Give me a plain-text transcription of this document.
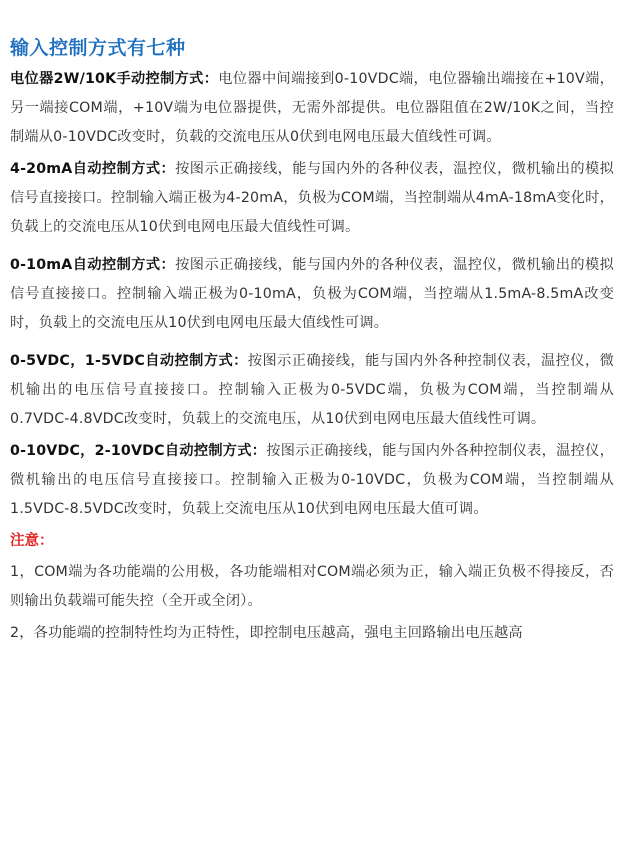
输入控制方式有七种

电位器2W/10K手动控制方式：电位器中间端接到0-10VDC端，电位器输出端接在+10V端，另一端接COM端，+10V端为电位器提供，无需外部提供。电位器阻值在2W/10K之间，当控制端从0-10VDC改变时，负载的交流电压从0伏到电网电压最大值线性可调。

4-20mA自动控制方式：按图示正确接线，能与国内外的各种仪表，温控仪，微机输出的模拟信号直接接口。控制输入端正极为4-20mA，负极为COM端，当控制端从4mA-18mA变化时，负载上的交流电压从10伏到电网电压最大值线性可调。

0-10mA自动控制方式：按图示正确接线，能与国内外的各种仪表，温控仪，微机输出的模拟信号直接接口。控制输入端正极为0-10mA，负极为COM端，当控端从1.5mA-8.5mA改变时，负载上的交流电压从10伏到电网电压最大值线性可调。

0-5VDC，1-5VDC自动控制方式：按图示正确接线，能与国内外各种控制仪表，温控仪，微机输出的电压信号直接接口。控制输入正极为0-5VDC端，负极为COM端，当控制端从0.7VDC-4.8VDC改变时，负载上的交流电压，从10伏到电网电压最大值线性可调。

0-10VDC，2-10VDC自动控制方式：按图示正确接线，能与国内外各种控制仪表，温控仪，微机输出的电压信号直接接口。控制输入正极为0-10VDC，负极为COM端，当控制端从1.5VDC-8.5VDC改变时，负载上交流电压从10伏到电网电压最大值可调。

注意：

1，COM端为各功能端的公用极，各功能端相对COM端必须为正，输入端正负极不得接反，否则输出负载端可能失控（全开或全闭）。

2，各功能端的控制特性均为正特性，即控制电压越高，强电主回路输出电压越高
